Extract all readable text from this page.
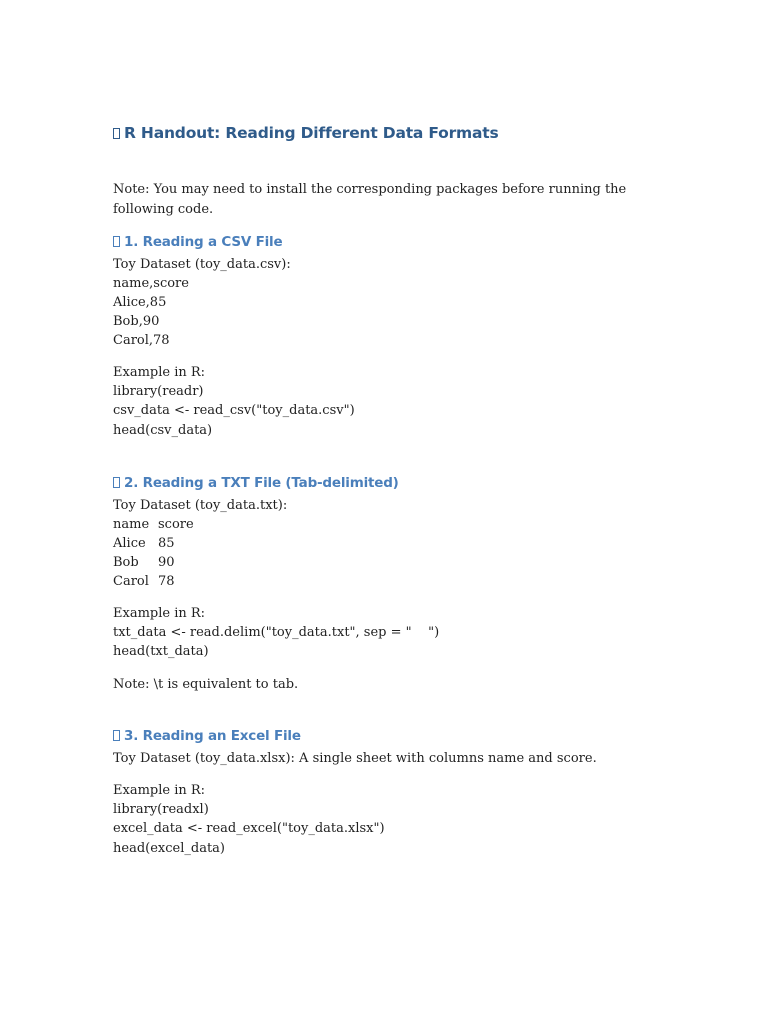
R Handout: Reading Different Data Formats
Note: You may need to install the corresponding packages before running the following code.
1. Reading a CSV File
Toy Dataset (toy_data.csv):
name,score
Alice,85
Bob,90
Carol,78
Example in R:
library(readr)
csv_data <- read_csv("toy_data.csv")
head(csv_data)
2. Reading a TXT File (Tab-delimited)
Toy Dataset (toy_data.txt):
name score
Alice 85
Bob 90
Carol 78
Example in R:
txt_data <- read.delim("toy_data.txt", sep = "    ")
head(txt_data)
Note: \t is equivalent to tab.
3. Reading an Excel File
Toy Dataset (toy_data.xlsx): A single sheet with columns name and score.
Example in R:
library(readxl)
excel_data <- read_excel("toy_data.xlsx")
head(excel_data)
